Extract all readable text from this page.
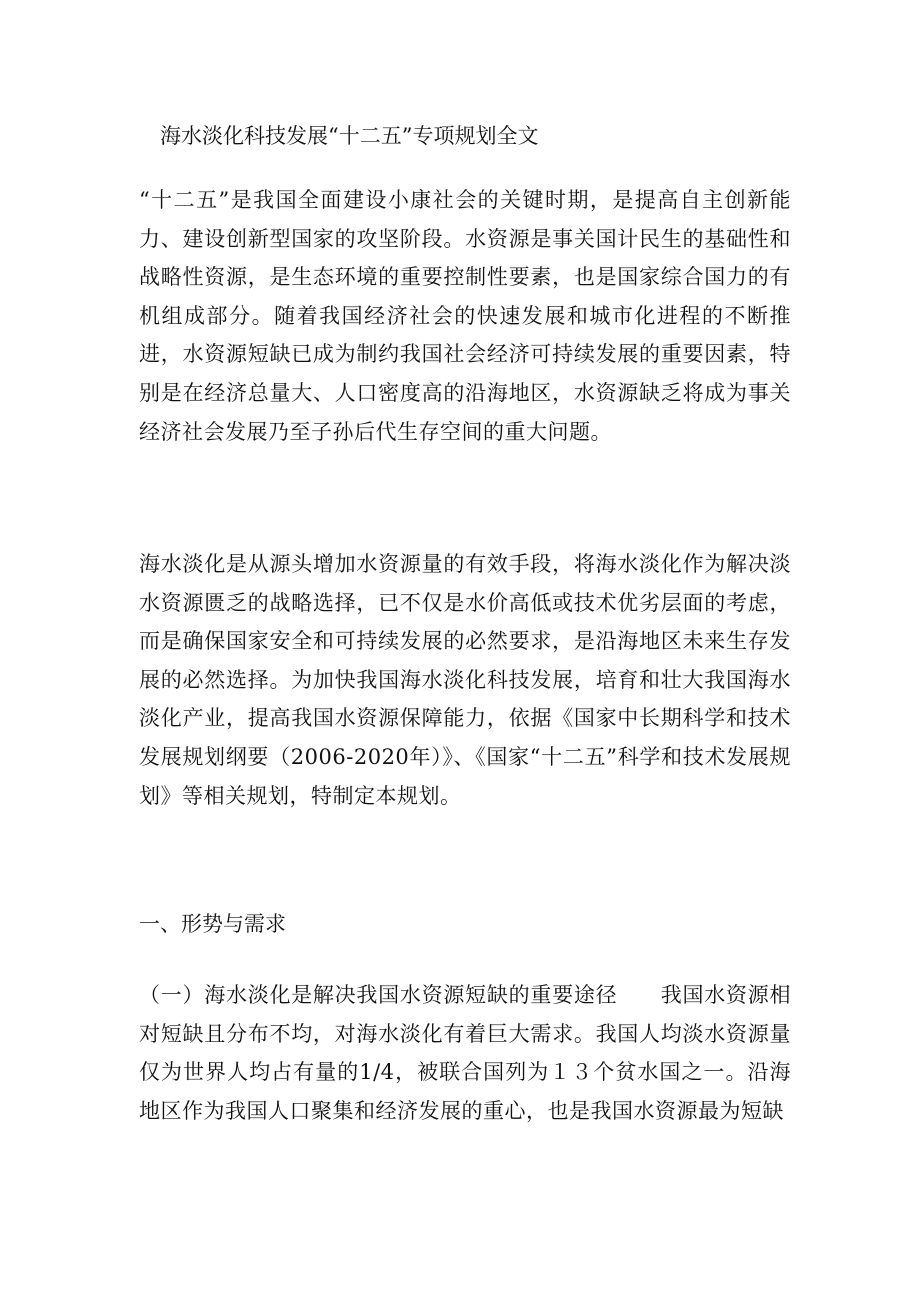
海水淡化科技发展“十二五”专项规划全文
“十二五”是我国全面建设小康社会的关键时期，是提高自主创新能力、建设创新型国家的攻坚阶段。水资源是事关国计民生的基础性和战略性资源，是生态环境的重要控制性要素，也是国家综合国力的有机组成部分。随着我国经济社会的快速发展和城市化进程的不断推进，水资源短缺已成为制约我国社会经济可持续发展的重要因素，特别是在经济总量大、人口密度高的沿海地区，水资源缺乏将成为事关经济社会发展乃至子孙后代生存空间的重大问题。
海水淡化是从源头增加水资源量的有效手段，将海水淡化作为解决淡水资源匮乏的战略选择，已不仅是水价高低或技术优劣层面的考虑，而是确保国家安全和可持续发展的必然要求，是沿海地区未来生存发展的必然选择。为加快我国海水淡化科技发展，培育和壮大我国海水淡化产业，提高我国水资源保障能力，依据《国家中长期科学和技术发展规划纲要（2006-2020年）》、《国家“十二五”科学和技术发展规划》等相关规划，特制定本规划。
一、形势与需求
（一）海水淡化是解决我国水资源短缺的重要途径　　我国水资源相对短缺且分布不均，对海水淡化有着巨大需求。我国人均淡水资源量仅为世界人均占有量的1/4，被联合国列为１３个贫水国之一。沿海地区作为我国人口聚集和经济发展的重心，也是我国水资源最为短缺
